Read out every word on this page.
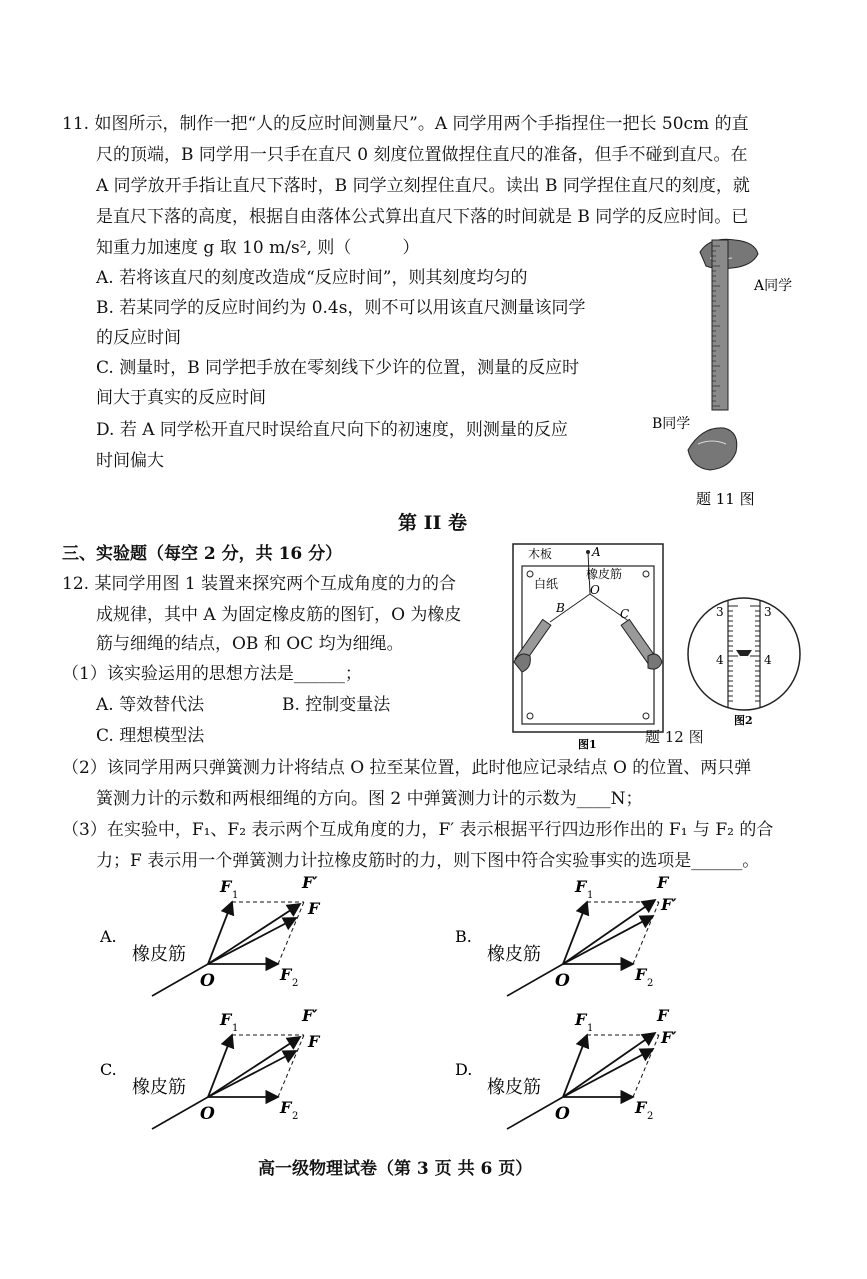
11. 如图所示，制作一把“人的反应时间测量尺”。A 同学用两个手指捏住一把长 50cm 的直
尺的顶端，B 同学用一只手在直尺 0 刻度位置做捏住直尺的准备，但手不碰到直尺。在
A 同学放开手指让直尺下落时，B 同学立刻捏住直尺。读出 B 同学捏住直尺的刻度，就
是直尺下落的高度，根据自由落体公式算出直尺下落的时间就是 B 同学的反应时间。已
知重力加速度 g 取 10 m/s², 则（　　　）
A. 若将该直尺的刻度改造成“反应时间”，则其刻度均匀的
B. 若某同学的反应时间约为 0.4s，则不可以用该直尺测量该同学
的反应时间
C. 测量时，B 同学把手放在零刻线下少许的位置，测量的反应时
间大于真实的反应时间
D. 若 A 同学松开直尺时误给直尺向下的初速度，则测量的反应
时间偏大
A同学
B同学
题 11 图
第 II 卷
三、实验题（每空 2 分，共 16 分）
12. 某同学用图 1 装置来探究两个互成角度的力的合
成规律，其中 A 为固定橡皮筋的图钉，O 为橡皮
筋与细绳的结点，OB 和 OC 均为细绳。
（1）该实验运用的思想方法是______；
A. 等效替代法	B. 控制变量法
C. 理想模型法
（2）该同学用两只弹簧测力计将结点 O 拉至某位置，此时他应记录结点 O 的位置、两只弹
簧测力计的示数和两根细绳的方向。图 2 中弹簧测力计的示数为____N；
（3）在实验中，F₁、F₂ 表示两个互成角度的力，F′ 表示根据平行四边形作出的 F₁ 与 F₂ 的合
力；F 表示用一个弹簧测力计拉橡皮筋时的力，则下图中符合实验事实的选项是______。
木板	A
白纸
橡皮筋
O
B	C
图1
3	3
4	4
图2
题 12 图
A.
橡皮筋
O
F 1
F 2
F′
F
B.
橡皮筋
O
F 1
F 2
F
F′
C.
橡皮筋
O
F 1
F 2
F′
F
D.
橡皮筋
O
F 1
F 2
F
F′
高一级物理试卷（第 3 页 共 6 页）
